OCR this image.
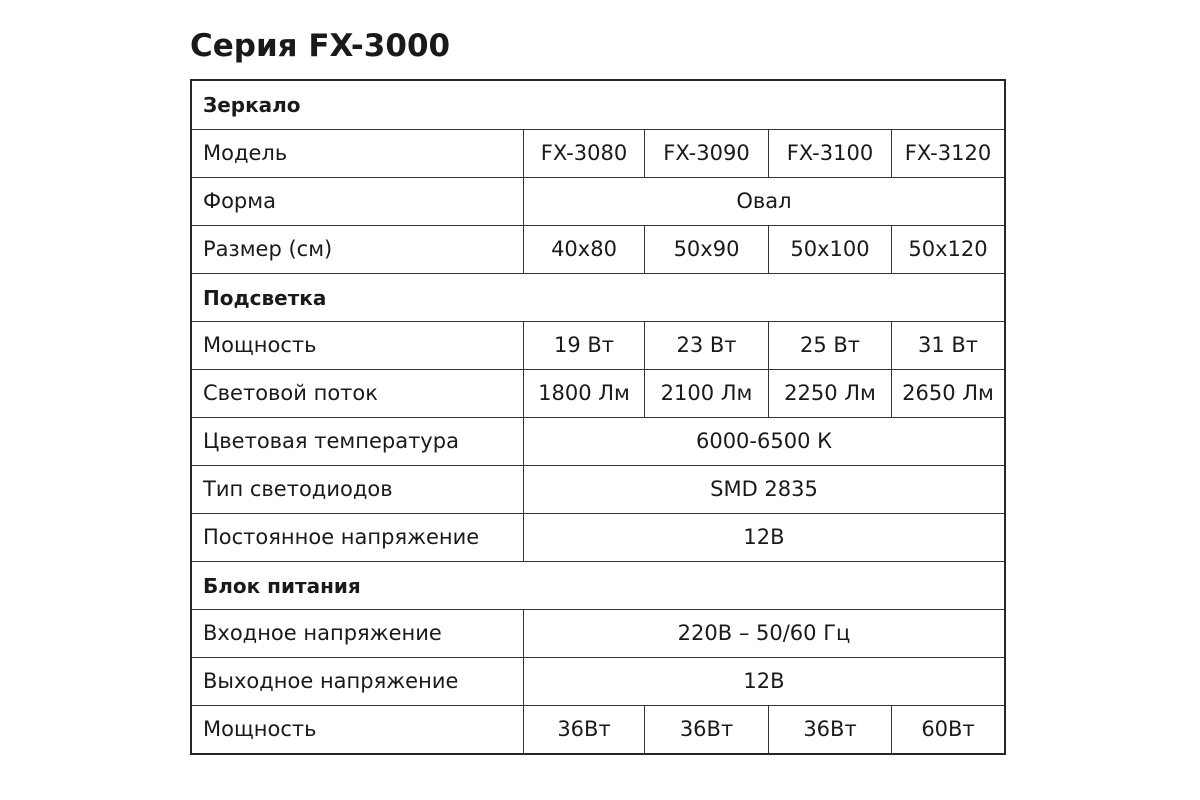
Серия FX-3000
Зеркало
Модель	FX-3080	FX-3090	FX-3100	FX-3120
Форма	Овал
Размер (см)	40x80	50x90	50x100	50x120
Подсветка
Мощность	19 Вт	23 Вт	25 Вт	31 Вт
Световой поток	1800 Лм	2100 Лм	2250 Лм	2650 Лм
Цветовая температура	6000-6500 К
Тип светодиодов	SMD 2835
Постоянное напряжение	12В
Блок питания
Входное напряжение	220В – 50/60 Гц
Выходное напряжение	12В
Мощность	36Вт	36Вт	36Вт	60Вт
